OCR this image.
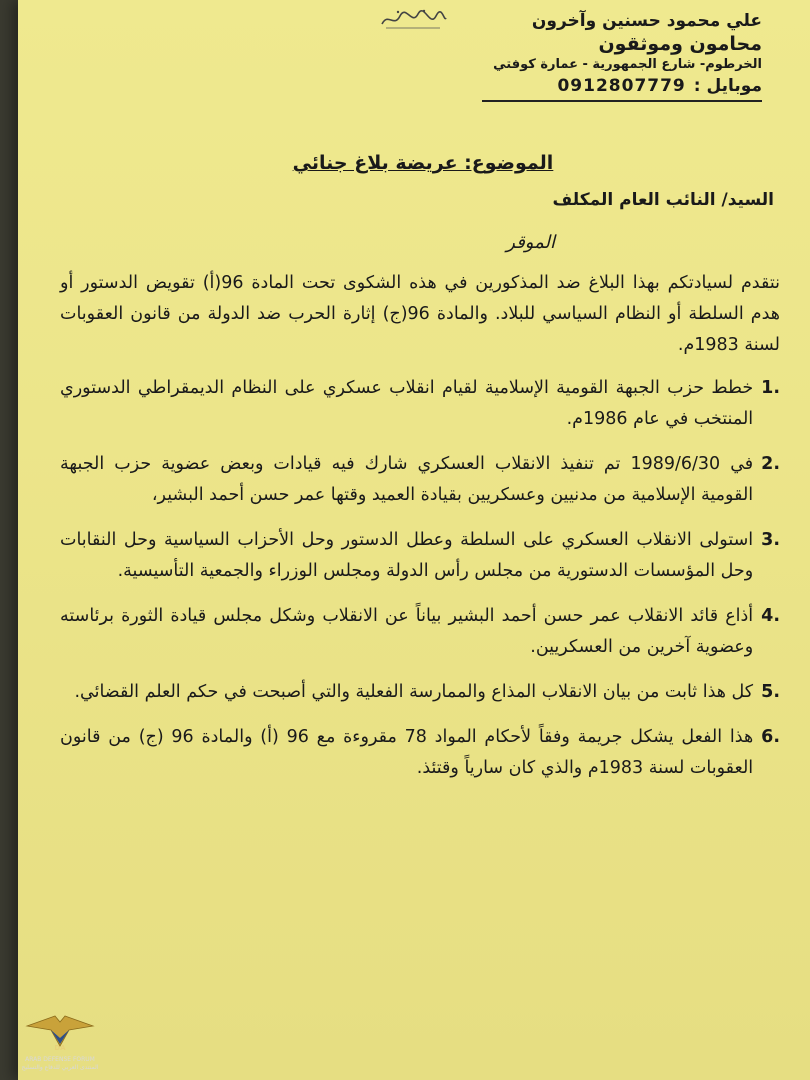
علي محمود حسنين وآخرون

محامون وموثقون

الخرطوم- شارع الجمهورية - عمارة كوفتي

موبايل :
0912807779
الموضوع: عريضة بلاغ جنائي
السيد/ النائب العام المكلف
الموقر

نتقدم لسيادتكم بهذا البلاغ ضد المذكورين في هذه الشكوى تحت المادة 96(أ) تقويض الدستور أو هدم السلطة أو النظام السياسي للبلاد. والمادة 96(ج) إثارة الحرب ضد الدولة من قانون العقوبات لسنة 1983م.

.1
خطط حزب الجبهة القومية الإسلامية لقيام انقلاب عسكري على النظام الديمقراطي الدستوري المنتخب في عام 1986م.
.2
في 1989/6/30 تم تنفيذ الانقلاب العسكري شارك فيه قيادات وبعض عضوية حزب الجبهة القومية الإسلامية من مدنيين وعسكريين بقيادة العميد وقتها عمر حسن أحمد البشير،
.3
استولى الانقلاب العسكري على السلطة وعطل الدستور وحل الأحزاب السياسية وحل النقابات وحل المؤسسات الدستورية من مجلس رأس الدولة ومجلس الوزراء والجمعية التأسيسية.
.4
أذاع قائد الانقلاب عمر حسن أحمد البشير بياناً عن الانقلاب وشكل مجلس قيادة الثورة برئاسته وعضوية آخرين من العسكريين.
.5
كل هذا ثابت من بيان الانقلاب المذاع والممارسة الفعلية والتي أصبحت في حكم العلم القضائي.
.6
هذا الفعل يشكل جريمة وفقاً لأحكام المواد 78 مقروءة مع 96 (أ) والمادة 96 (ج) من قانون العقوبات لسنة 1983م والذي كان سارياً وقتئذ.
DA
ARAB DEFENSE FORUM
المنتدى العربي للدفاع والتسليح
